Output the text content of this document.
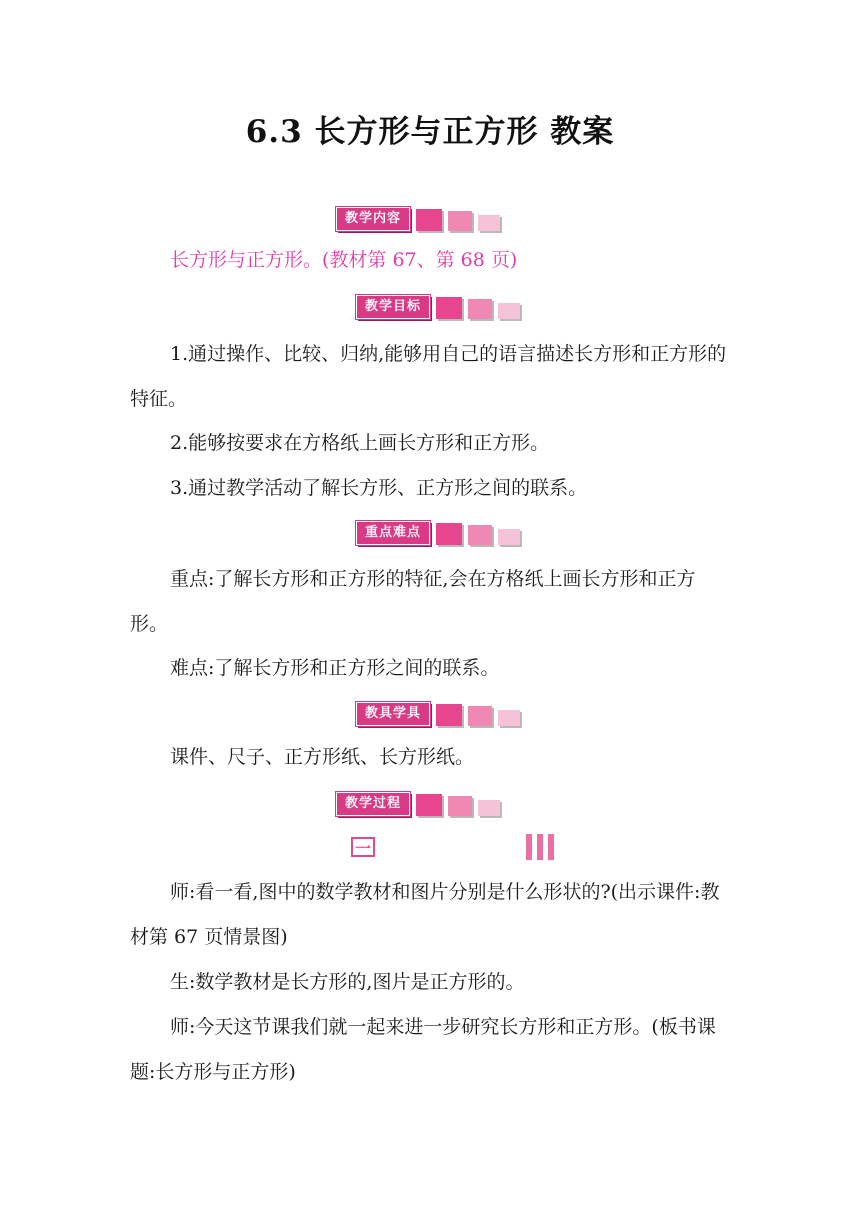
6.3 长方形与正方形 教案
教学内容

长方形与正方形。(教材第 67、第 68 页)

教学目标

1.通过操作、比较、归纳,能够用自己的语言描述长方形和正方形的特征。

2.能够按要求在方格纸上画长方形和正方形。

3.通过教学活动了解长方形、正方形之间的联系。

重点难点

重点:了解长方形和正方形的特征,会在方格纸上画长方形和正方形。

难点:了解长方形和正方形之间的联系。

教具学具

课件、尺子、正方形纸、长方形纸。

教学过程
一 问题情境

师:看一看,图中的数学教材和图片分别是什么形状的?(出示课件:教材第 67 页情景图)

生:数学教材是长方形的,图片是正方形的。

师:今天这节课我们就一起来进一步研究长方形和正方形。(板书课题:长方形与正方形)
